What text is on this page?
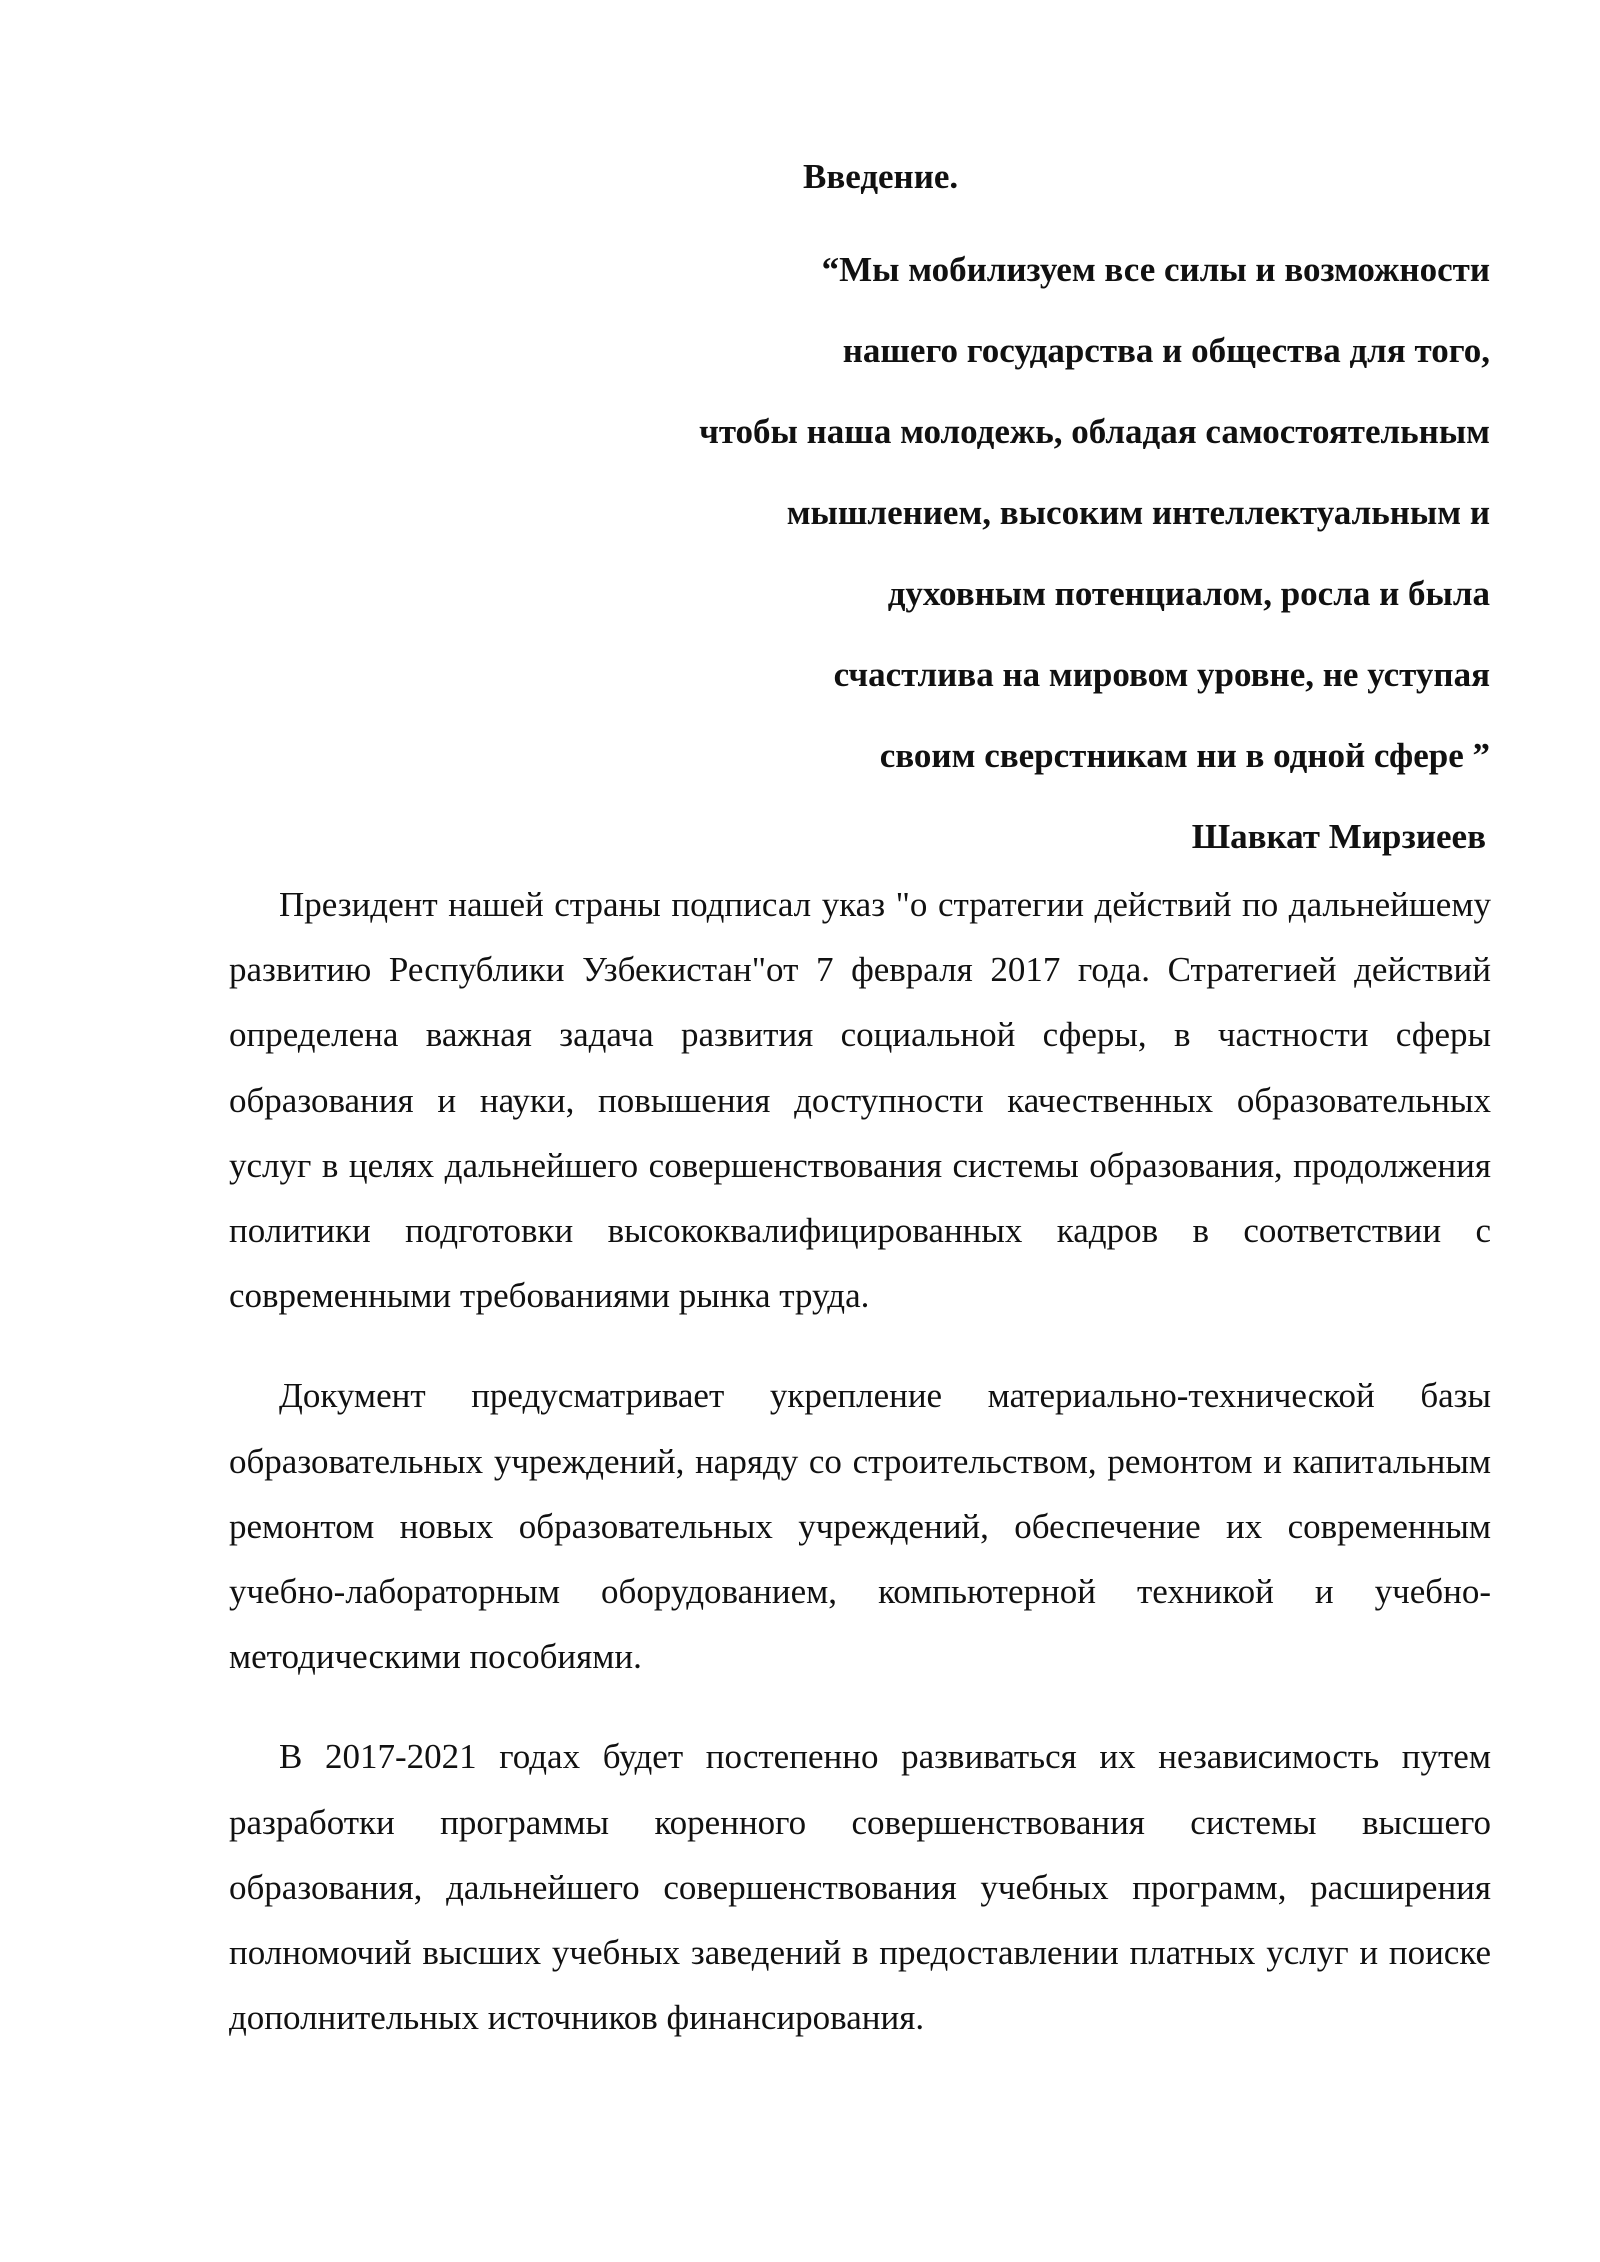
Введение.
“Мы мобилизуем все силы и возможности
нашего государства и общества для того,
чтобы наша молодежь, обладая самостоятельным
мышлением, высоким интеллектуальным и
духовным потенциалом, росла и была
счастлива на мировом уровне, не уступая
своим сверстникам ни в одной сфере ”
Шавкат Мирзиеев

Президент нашей страны подписал указ "о стратегии действий по дальнейшему развитию Республики Узбекистан"от 7 февраля 2017 года. Стратегией действий определена важная задача развития социальной сферы, в частности сферы образования и науки, повышения доступности качественных образовательных услуг в целях дальнейшего совершенствования системы образования, продолжения политики подготовки высококвалифицированных кадров в соответствии с современными требованиями рынка труда.

Документ предусматривает укрепление материально-технической базы образовательных учреждений, наряду со строительством, ремонтом и капитальным ремонтом новых образовательных учреждений, обеспечение их современным учебно-лабораторным оборудованием, компьютерной техникой и учебно-методическими пособиями.

В 2017-2021 годах будет постепенно развиваться их независимость путем разработки программы коренного совершенствования системы высшего образования, дальнейшего совершенствования учебных программ, расширения полномочий высших учебных заведений в предоставлении платных услуг и поиске дополнительных источников финансирования.
